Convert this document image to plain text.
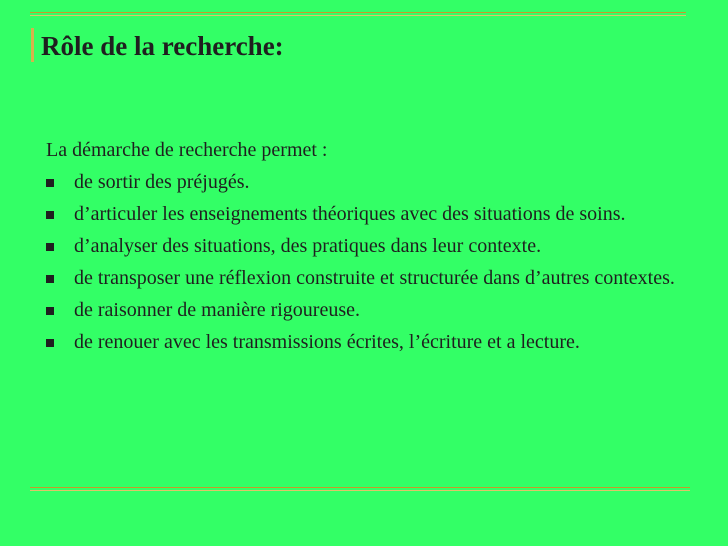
Rôle de la recherche:

La démarche de recherche permet :

de sortir des préjugés.
d’articuler les enseignements théoriques avec des situations de soins.
d’analyser des situations, des pratiques dans leur contexte.
de transposer une réflexion construite et structurée dans d’autres contextes.
de raisonner de manière rigoureuse.
de renouer avec les transmissions écrites, l’écriture et a lecture.
